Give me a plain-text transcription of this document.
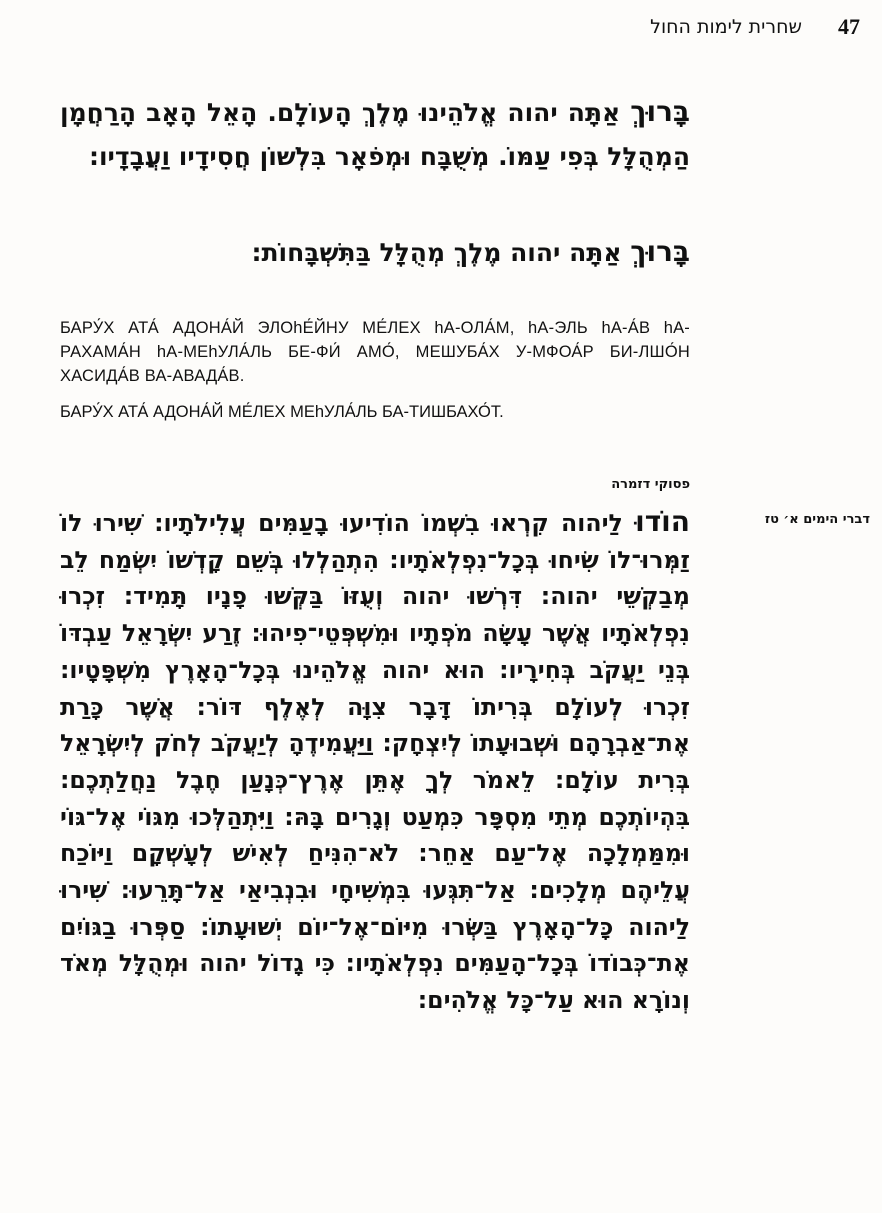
47
שחרית לימות החול
בָּרוּךְ אַתָּה יהוה אֱלֹהֵינוּ מֶלֶךְ הָעוֹלָם. הָאֵל הָאָב הָרַחֲמָן הַמְהֻלָּל בְּפִי עַמּוֹ. מְשֻׁבָּח וּמְפֹאָר בִּלְשׁוֹן חֲסִידָיו וַעֲבָדָיו:
בָּרוּךְ אַתָּה יהוה מֶלֶךְ מְהֻלָּל בַּתִּשְׁבָּחוֹת:
БАРУ́Х АТА́ АДОНА́Й ЭЛОhЕ́ЙНУ МЕ́ЛЕХ hА-ОЛА́М, hА-ЭЛЬ hА-А́В hА-РАХАМА́Н hА-МЕhУЛА́ЛЬ БЕ-ФИ́ АМО́, МЕШУБА́Х У-МФОА́Р БИ-ЛШО́Н ХАСИДА́В ВА-АВАДА́В.
БАРУ́Х АТА́ АДОНА́Й МЕ́ЛЕХ МЕhУЛА́ЛЬ БА-ТИШБАХО́Т.
פסוקי דזמרה
דברי הימים א׳ טז
הוֹדוּ לַיהוה קִרְאוּ בִשְׁמוֹ הוֹדִיעוּ בָעַמִּים עֲלִילֹתָיו: שִׁירוּ לוֹ זַמְּרוּ־לוֹ שִׂיחוּ בְּכָל־נִפְלְאֹתָיו: הִתְהַלְלוּ בְּשֵׁם קָדְשׁוֹ יִשְׂמַח לֵב מְבַקְשֵׁי יהוה: דִּרְשׁוּ יהוה וְעֻזּוֹ בַּקְּשׁוּ פָנָיו תָּמִיד: זִכְרוּ נִפְלְאֹתָיו אֲשֶׁר עָשָׂה מֹפְתָיו וּמִשְׁפְּטֵי־פִיהוּ: זֶרַע יִשְׂרָאֵל עַבְדּוֹ בְּנֵי יַעֲקֹב בְּחִירָיו: הוּא יהוה אֱלֹהֵינוּ בְּכָל־הָאָרֶץ מִשְׁפָּטָיו: זִכְרוּ לְעוֹלָם בְּרִיתוֹ דָּבָר צִוָּה לְאֶלֶף דּוֹר: אֲשֶׁר כָּרַת אֶת־אַבְרָהָם וּשְׁבוּעָתוֹ לְיִצְחָק: וַיַּעֲמִידֶהָ לְיַעֲקֹב לְחֹק לְיִשְׂרָאֵל בְּרִית עוֹלָם: לֵאמֹר לְךָ אֶתֵּן אֶרֶץ־כְּנָעַן חֶבֶל נַחֲלַתְכֶם: בִּהְיוֹתְכֶם מְתֵי מִסְפָּר כִּמְעַט וְגָרִים בָּהּ: וַיִּתְהַלְּכוּ מִגּוֹי אֶל־גּוֹי וּמִמַּמְלָכָה אֶל־עַם אַחֵר: לֹא־הִנִּיחַ לְאִישׁ לְעָשְׁקָם וַיּוֹכַח עֲלֵיהֶם מְלָכִים: אַל־תִּגְּעוּ בִּמְשִׁיחָי וּבִנְבִיאַי אַל־תָּרֵעוּ: שִׁירוּ לַיהוה כָּל־הָאָרֶץ בַּשְּׂרוּ מִיּוֹם־אֶל־יוֹם יְשׁוּעָתוֹ: סַפְּרוּ בַגּוֹיִם אֶת־כְּבוֹדוֹ בְּכָל־הָעַמִּים נִפְלְאֹתָיו: כִּי גָדוֹל יהוה וּמְהֻלָּל מְאֹד וְנוֹרָא הוּא עַל־כָּל אֱלֹהִים:
